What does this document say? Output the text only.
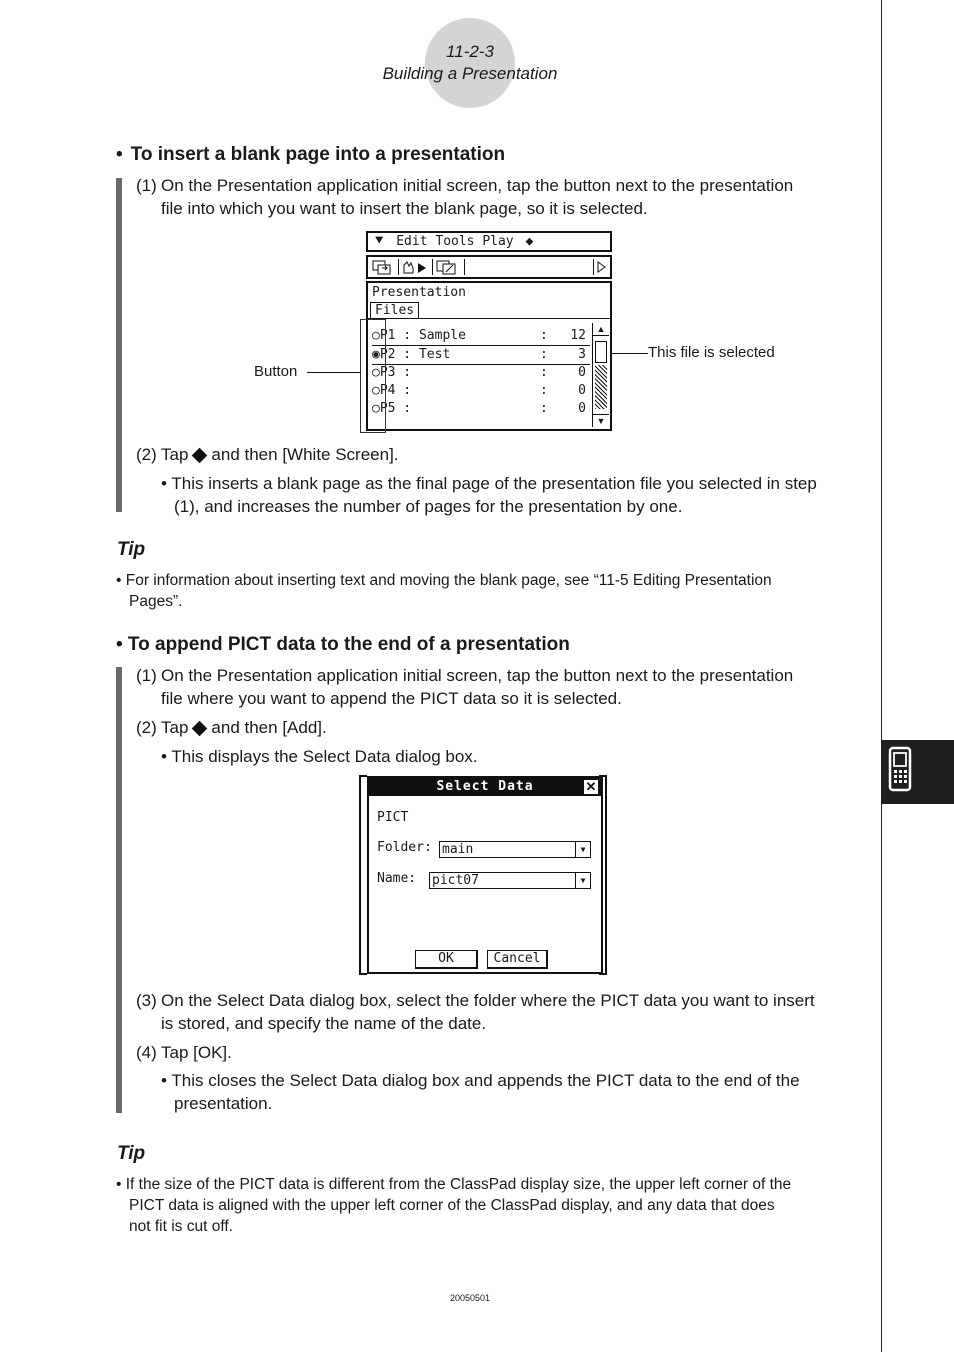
11-2-3
Building a Presentation
• To insert a blank page into a presentation
(1) On the Presentation application initial screen, tap the button next to the presentation
file into which you want to insert the blank page, so it is selected.
⯆ Edit Tools Play ◆
Presentation
Files
○P1 : Sample	: 12
◉P2 : Test	: 3
○P3 :	: 0
○P4 :	: 0
○P5 :	: 0
▲
▼
Button
This file is selected
(2) Tap and then [White Screen].
• This inserts a blank page as the final page of the presentation file you selected in step
(1), and increases the number of pages for the presentation by one.
Tip
• For information about inserting text and moving the blank page, see “11-5 Editing Presentation
Pages”.
• To append PICT data to the end of a presentation
(1) On the Presentation application initial screen, tap the button next to the presentation
file where you want to append the PICT data so it is selected.
(2) Tap and then [Add].
• This displays the Select Data dialog box.
Select Data	✕
PICT
Folder: main	▼
Name: pict07	▼
OK	Cancel
(3) On the Select Data dialog box, select the folder where the PICT data you want to insert
is stored, and specify the name of the date.
(4) Tap [OK].
• This closes the Select Data dialog box and appends the PICT data to the end of the
presentation.
Tip
• If the size of the PICT data is different from the ClassPad display size, the upper left corner of the
PICT data is aligned with the upper left corner of the ClassPad display, and any data that does
not fit is cut off.
20050501
